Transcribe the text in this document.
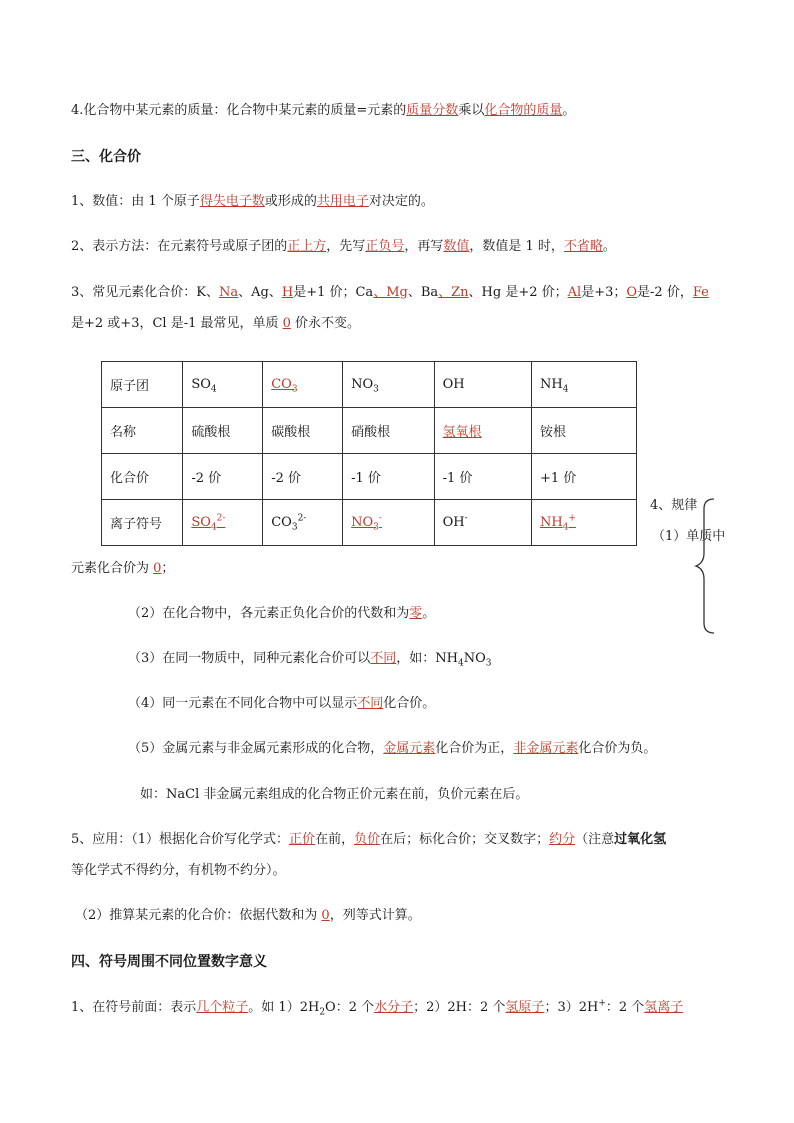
4.化合物中某元素的质量：化合物中某元素的质量=元素的质量分数乘以化合物的质量。
三、化合价
1、数值：由 1 个原子得失电子数或形成的共用电子对决定的。
2、表示方法：在元素符号或原子团的正上方，先写正负号，再写数值，数值是 1 时，不省略。
3、常见元素化合价：K、Na、Ag、H是+1 价；Ca、Mg、Ba、Zn、Hg 是+2 价；Al是+3；O是-2 价，Fe
是+2 或+3，Cl 是-1 最常见，单质 0 价永不变。
原子团	$SO_4$	$CO_3$	$NO_3$	OH	$NH_4$
名称	硫酸根	碳酸根	硝酸根	氢氧根	铵根
化合价	-2 价	-2 价	-1 价	-1 价	+1 价
离子符号	$SO_4^{2-}$	$CO_3^{2-}$	$NO_3^-$	OH-	$NH_4^+$
4、规律
（1）单质中
元素化合价为 0；
（2）在化合物中，各元素正负化合价的代数和为零。
（3）在同一物质中，同种元素化合价可以不同，如：$NH_4NO_3$
（4）同一元素在不同化合物中可以显示不同化合价。
（5）金属元素与非金属元素形成的化合物，金属元素化合价为正，非金属元素化合价为负。
如：NaCl 非金属元素组成的化合物正价元素在前，负价元素在后。
5、应用：（1）根据化合价写化学式：正价在前，负价在后；标化合价；交叉数字；约分（注意过氧化氢
等化学式不得约分，有机物不约分）。
（2）推算某元素的化合价：依据代数和为 0，列等式计算。
四、符号周围不同位置数字意义
1、在符号前面：表示几个粒子。如 $1)2H_2O$：2 个水分子；2）2H：2 个氢原子；3）2H+：2 个氢离子
